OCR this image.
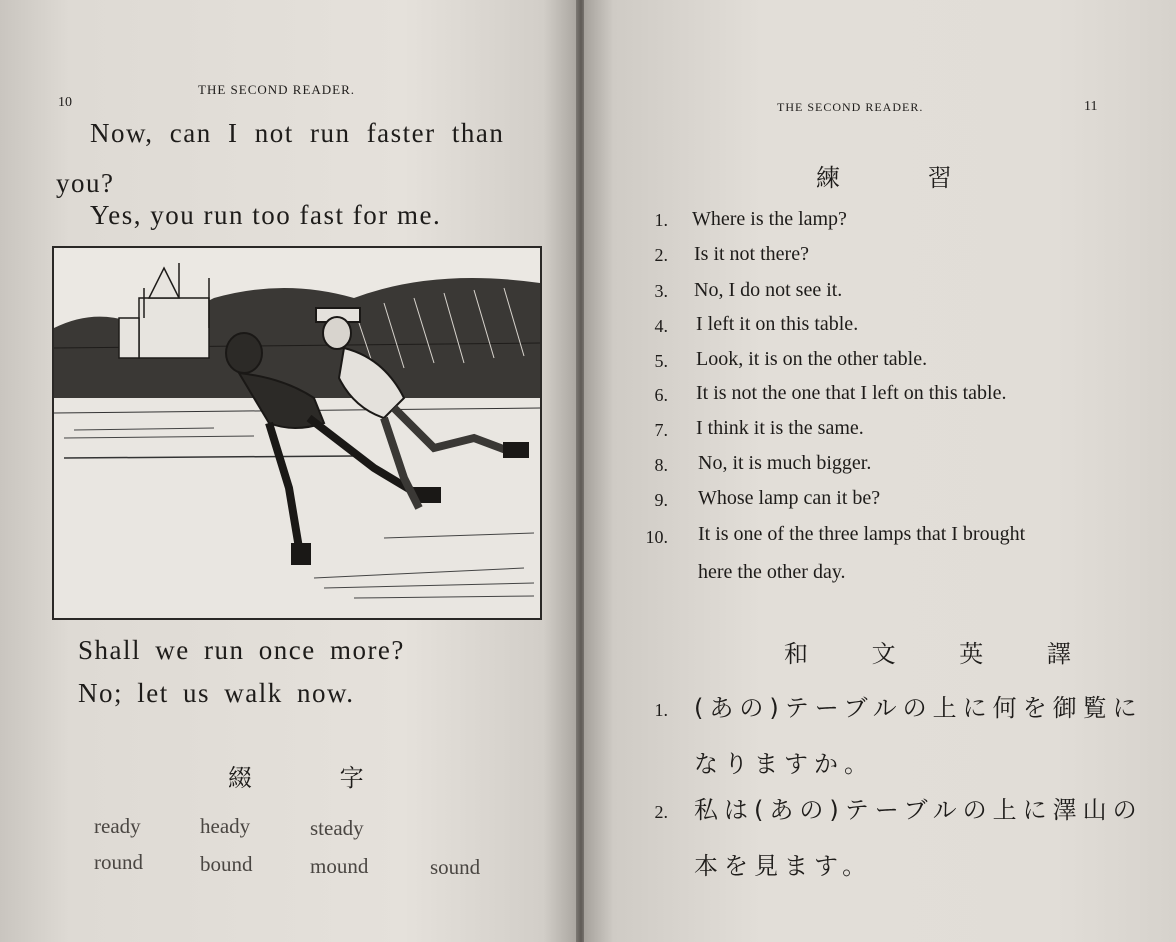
10
THE SECOND READER.
Now, can I not run faster than
you?
Yes, you run too fast for me.
Shall we run once more?
No; let us walk now.
綴 字
ready	heady	steady
round	bound	mound	sound
THE SECOND READER.	11
練 習
1. Where is the lamp?
2. Is it not there?
3. No, I do not see it.
4. I left it on this table.
5. Look, it is on the other table.
6. It is not the one that I left on this table.
7. I think it is the same.
8. No, it is much bigger.
9. Whose lamp can it be?
10. It is one of the three lamps that I brought
here the other day.
和 文 英 譯
1. (あの)テーブルの上に何を御覧に
なりますか。
2. 私は(あの)テーブルの上に澤山の
本を見ます。
